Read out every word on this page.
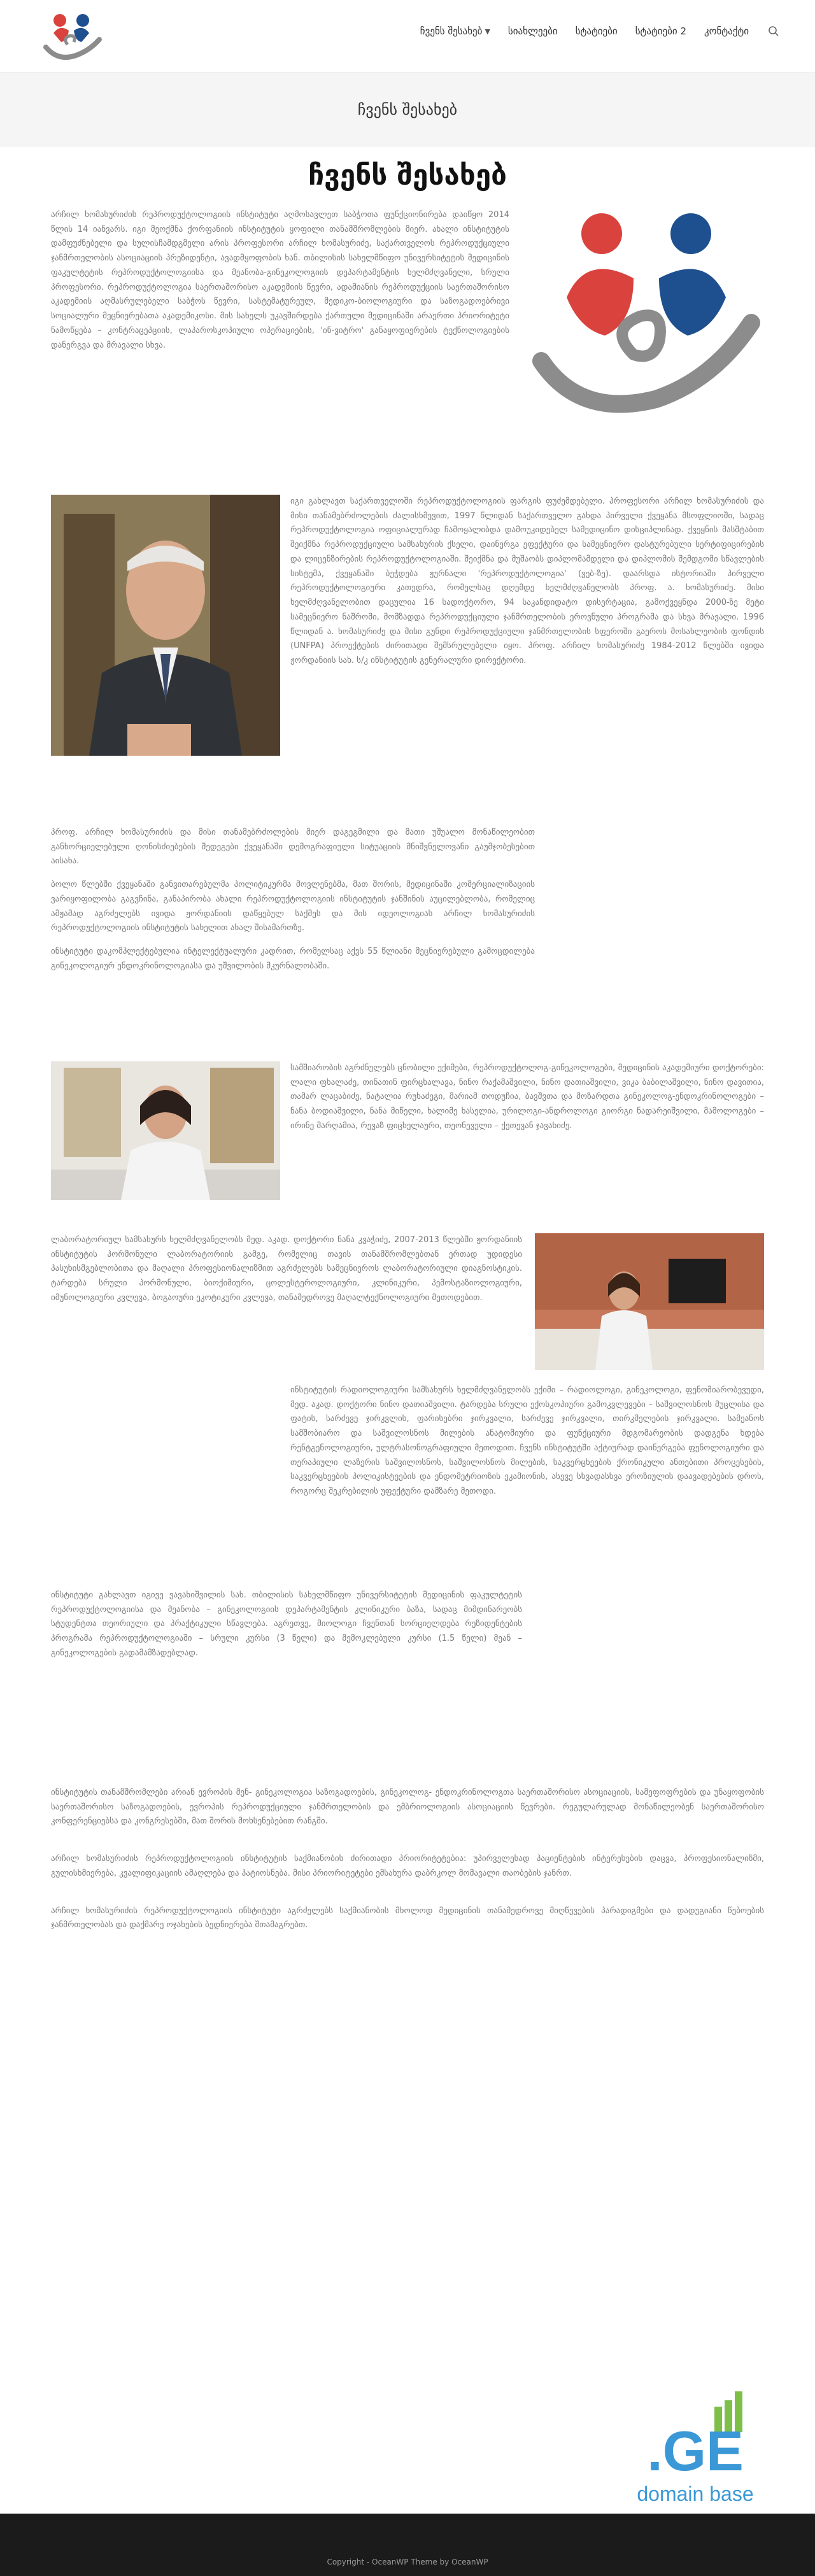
ჩვენს შესახებ ▼ სიახლეები სტატიები სტატიები 2 კონტაქტი
ჩვენს შესახებ
ჩვენს შესახებ

არჩილ ხომასურიძის რეპროდუქტოლოგიის ინსტიტუტი აღმოსავლეთ საბჭოთა ფუნქციონირება დაიწყო 2014 წლის 14 იანვარს. იგი მეოქმნა ქორფანიის ინსტიტუტის ყოფილი თანამშრომლების მიერ. ახალი ინსტიტუტის დამფუძნებელი და სულისჩამდგმელი არის პროფესორი არჩილ ხომასურიძე, საქართველოს რეპროდუქციული ჯანმრთელობის ასოციაციის პრეზიდენტი, ავადმყოფობის ხან. თბილისის სახელმწიფო უნივერსიტეტის მედიცინის ფაკულტეტის რეპროდუქტოლოგიისა და მეანობა-გინეკოლოგიის დეპარტამენტის ხელმძღვანელი, სრული პროფესორი. რეპროდუქტოლოგია საერთაშორისო აკადემიის წევრი, ადამიანის რეპროდუქციის საერთაშორისო აკადემიის აღმასრულებელი საბჭოს წევრი, სასტემატურეულ, მედიკო-ბიოლოგიური და საზოგადოებრივი სოციალური მეცნიერებათა აკადემიკოსი. მის სახელს უკავშირდება ქართული მედიცინაში არაერთი პრიორიტეტი ნამოწყება – კონტრაცეპციის, ლაპაროსკოპიული ოპერაციების, 'ინ-ვიტრო' განაყოფიერების ტექნოლოგიების დანერგვა და მრავალი სხვა.

იგი გახლავთ საქართველოში რეპროდუქტოლოგიის ფარგის ფუძემდებელი. პროფესორი არჩილ ხომასურიძის და მისი თანამებრძოლების ძალისხმევით, 1997 წლიდან საქართველო გახდა პირველი ქვეყანა მსოფლიოში, სადაც რეპროდუქტოლოგია ოფიციალურად ჩამოყალიბდა დამოუკიდებელ სამედიცინო დისციპლინად. ქვეყნის მასშტაბით შეიქმნა რეპროდუქციული სამსახურის ქსელი, დაინერგა ეფექტური და სამეცნიერო დასტურებული სერტიფიცირების და ლიცენზირების რეპროდუქტოლოგიაში. შეიქმნა და მუშაობს დიპლომამდელი და დიპლომის შემდგომი სწავლების სისტემა, ქვეყანაში ბეჭდება ჟურნალი 'რეპროდუქტოლოგია' (ვებ-ზე). დაარსდა ისტორიაში პირველი რეპროდუქტოლოგიური კათედრა, რომელსაც დღემდე ხელმძღვანელობს პროფ. ა. ხომასურიძე. მისი ხელმძღვანელობით დაცულია 16 სადოქტორო, 94 საკანდიდატო დისერტაცია, გამოქვეყნდა 2000-ზე მეტი სამეცნიერო ნაშრომი, მომზადდა რეპროდუქციული ჯანმრთელობის ეროვნული პროგრამა და სხვა მრავალი. 1996 წლიდან ა. ხომასურიძე და მისი გუნდი რეპროდუქციული ჯანმრთელობის სფეროში გაეროს მოსახლეობის ფონდის (UNFPA) პროექტების ძირითადი შემსრულებელი იყო. პროფ. არჩილ ხომასურიძე 1984-2012 წლებში ივიდა ჟორდანიის სახ. ს/კ ინსტიტუტის გენერალური დირექტორი.

პროფ. არჩილ ხომასურიძის და მისი თანამებრძოლების მიერ დაგეგმილი და მათი უშუალო მონაწილეობით განხორციელებული ღონისძიებების შედეგები ქვეყანაში დემოგრაფიული სიტუაციის მნიშვნელოვანი გაუმჯობესებით აისახა.

ბოლო წლებში ქვეყანაში განვითარებულმა პოლიტიკურმა მოვლენებმა, მათ შორის, მედიცინაში კომერციალიზაციის ვარიყოფილობა გაგვჩინა, განაპირობა ახალი რეპროდუქტოლოგიის ინსტიტუტის ჯანშინის აუცილებლობა, რომელიც ამჟამად აგრძელებს ივიდა ჟორდანიის დაწყებულ საქმეს და მის იდეოლოგიას არჩილ ხომასურიძის რეპროდუქტოლოგიის ინსტიტუტის სახელით ახალ შისამართზე.

ინსტიტუტი დაკომპლექტებულია ინტელექტუალური კადრით, რომელსაც აქვს 55 წლიანი მეცნიერებული გამოცდილება გინეკოლოგიურ ენდოკრინოლოგიასა და უშვილობის მკურნალობაში.

სამშიარობის აგრძნულებს ცნობილი ექიმები, რეპროდუქტოლოგ-გინეკოლოგები, მედიცინის აკადემიური დოქტორები: ლალი ფხალაძე, თინათინ ფირცხალავა, ნინო რაქამაშვილი, ნინო დათიაშვილი, ვიკა ბაბილაშვილი, ნინო დავითია, თამარ ლაცაბიძე, ნატალია რუხაძეგი, მარიამ თოდუჩია, ბავშვთა და მოზარდთა გინეკოლოგ-ენდოკრინოლოგები – ნანა ბოდიაშვილი, ნანა მიწელი, ხალიმე ხასელია, ურილოგი-ანდროლოგი გიორგი ნადარეიშვილი, მამოლოგები – ირინე მარღამია, რევაზ ფიცხელაური, თეონეველი – ქეთევან ჯავახიძე.

ლაბორატორიულ სამსახურს ხელმძღვანელობს მედ. აკად. დოქტორი ნანა კვაჭიძე, 2007-2013 წლებში ჟორდანიის ინსტიტუტის პორმონული ლაბორატორიის გამგე, რომელიც თავის თანამშრომლებთან ერთად უდიდესი პასუხისმგებლობითა და მაღალი პროფესიონალიზმით აგრძელებს სამეცნიეროს ლაბორატორიული დიაგნოსტიკის. ტარდება სრული პორმონული, ბიოქიმიური, ცოლესტეროლოგიური, კლინიკური, პემოსტაზიოლოგიური, იმუნოლოგიური კვლევა, ბოგაოური ეკოტიკური კვლევა, თანამედროვე მაღალტექნოლოგიური მეთოდებით.

ინსტიტუტის რადიოლოგიური სამსახურს ხელმძღვანელობს ექიმი – რადიოლოგი, გინეკოლოგი, ფენომიარობევუდი, მედ. აკად. დოქტორი ნინო დათიაშვილი. ტარდება სრული ექოსკოპიური გამოკვლევები – საშვილოსნოს მუცლისა და ფატის, სარძევე ჯირკვლის, ფარისებრი ჯირკვალი, სარძევე ჯირკვალი, თირკმელების ჯირკვალი. სამეანოს სამშობიარო და საშვილოსნოს მილების ანატომიური და ფუნქციური მდგომარეობის დადგენა ხდება რენტგენოლოგიური, ულტრასონოგრაფიული მეთოდით. ჩვენს ინსტიტუტში აქტიურად დაინერგება ფენოლოგიური და თერაპიული ლაზერის საშვილოსნოს, საშვილოსნოს მილების, საკვერცხეების ქრონიკული ანთებითი პროცესების, საკვერცხეების პოლიკისტეების და ენდომეტრიოზის ეკამიონის, ასევე სხვადასხვა ეროზიულის დაავადებების დროს, როგორც შეკრებილის უფექტური დამზარე მეთოდი.

ინსტიტუტი გახლავთ იგივე ვავახიშვილის სახ. თბილისის სახელმწიფო უნივერსიტეტის მედიცინის ფაკულტეტის რეპროდუქტოლოგიისა და მეანობა – გინეკოლოგიის დეპარტამენტის კლინიკური ბაზა, სადაც მიმდინარეობს სტუდენტთა თეორიული და პრაქტიკული სწავლება. აგრეთვე, მიოლოგი ჩვენთან სორციელდება რეზიდენტების პროგრამა რეპროდუქტოლოგიაში – სრული კურსი (3 წელი) და მემოკლებული კურსი (1.5 წელი) მეან – გინეკოლოგების გადამამზადებლად.

ინსტიტუტის თანამშრომლები არიან ევროპის მენ- გინეკოლოგია საზოგადოების, გინეკოლოგ- ენდოკრინოლოგთა საერთაშორისო ასოციაციის, სამეფოფრების და უნაყოფობის საერთაშორისო საზოგადოების, ევროპის რეპროდუქციული ჯანმრთელობის და ემბრიოლოგიის ასოციაციის წევრები. რეგულარულად მონაწილეობენ საერთაშორისო კონფერენციებსა და კონგრესებში, მათ შორის მოხსენებებით რანგში.

არჩილ ხომასურიძის რეპროდუქტოლოგიის ინსტიტუტის საქმიანობის ძირითადი პრიორიტეტებია: უპირველესად პაციენტების ინტერესების დაცვა, პროფესიონალიზმი, გულისხმიერება, კვალიფიკაციის ამაღლება და პატიოსნება. მისი პრიორიტეტები ემსახურა დაბრკოლ მომავალი თაობების ჯანრთ.

არჩილ ხომასურიძის რეპროდუქტოლოგიის ინსტიტუტი აგრძელებს საქმიანობის მხოლოდ მედიცინის თანამედროვე მიღწევების პარადიგმები და დადუგიანი წებოების ჯანმრთელობას და დაქმარე ოჯახების ბედნიერება შთამაგრებთ.

.GE
domain base
Copyright - OceanWP Theme by OceanWP
